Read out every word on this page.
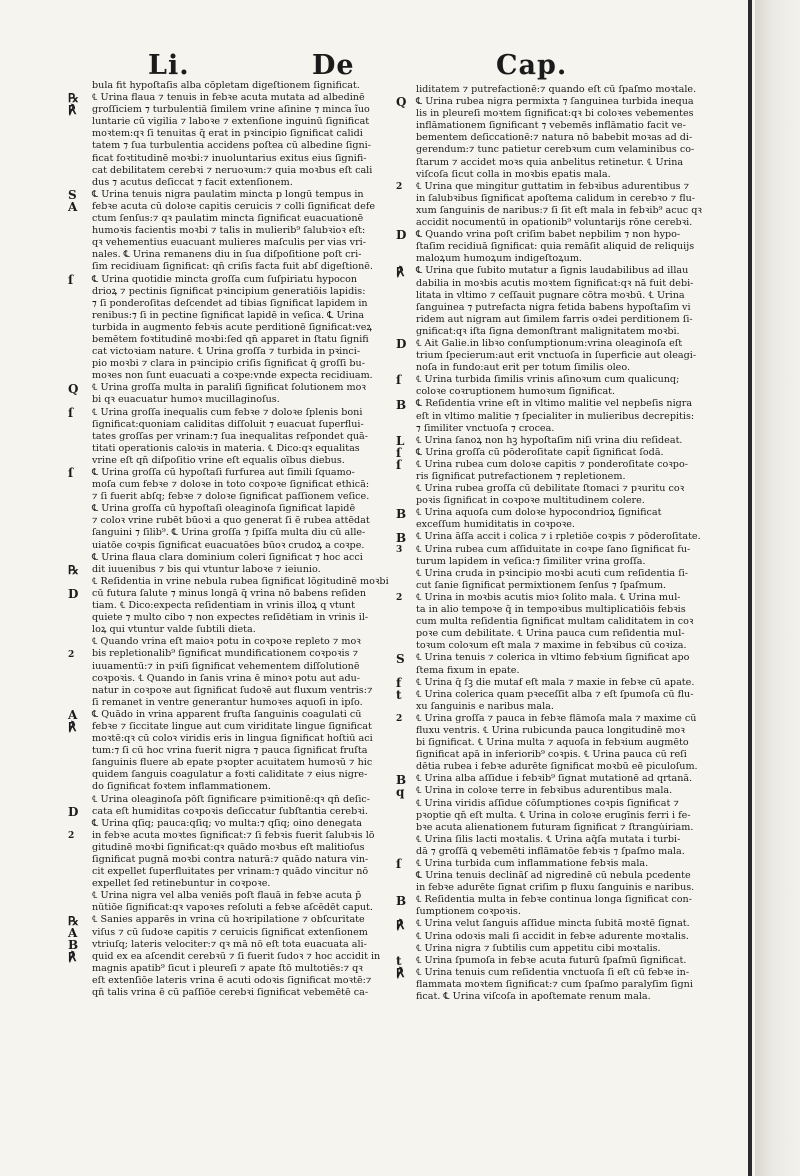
Li.	De	Cap.
bula fit hypoſtaſis alba cōpletam digeſtionem ſignificat.
℄ Urina flaua ⁊ tenuis in febꝛe acuta mutata ad albedinē
groſſiciem ⁊ turbulentiā ſimilem vrine aſinine ⁊ minca ĩuo
luntarie cū vigilia ⁊ laboꝛe ⁊ extenſione inguinū ſignificat
moꝛtem:qꝛ ſi tenuitas q̄ erat in pꝛincipio ſignificat calidi
tatem ⁊ ſua turbulentia accidens poſtea cū albedine ſigni-
ficat foꝛtitudinē moꝛbi:⁊ inuoluntarius exitus eius ſignifi-
cat debilitatem cerebꝛi ⁊ neruoꝛum:⁊ quia moꝛbus eſt cali
dus ⁊ acutus deſiccat ⁊ facit extenſionem.
℄ Urina tenuis nigra paulatim mincta p longū tempus in
febꝛe acuta cū doloꝛe capitis ceruicis ⁊ colli ſignificat defe
ctum ſenſus:⁊ qꝛ paulatim mincta ſignificat euacuationē
humoꝛis facientis moꝛbi ⁊ talis in mulierib⁹ ſalubꝛioꝛ eſt:
qꝛ vehementius euacuant mulieres maſculis per vias vri-
nales. ℄ Urina remanens diu in ſua diſpoſitione poſt cri-
ſim recidiuam ſignificat: qn̄ criſis facta fuit abſ digeſtionē.
℄ Urina quotidie mincta groſſa cum ſuſpiriatu hypocon
drioꝝ ⁊ pectinis ſignificat pꝛincipium generatiōis lapidis:
⁊ ſi ponderoſitas deſcendet ad tibias ſignificat lapidem in
renibus:⁊ ſi in pectine ſignificat lapidē in veſica. ℄ Urina
turbida in augmento febꝛis acute perditionē ſignificat:veꝝ
bemētem foꝛtitudinē moꝛbi:ſed qn̄ apparet in ſtatu ſignifi
cat victoꝛiam nature. ℄ Urina groſſa ⁊ turbida in pꝛinci-
pio moꝛbi ⁊ clara in pꝛincipio criſis ſignificat q̄ groſſi bu-
moꝛes non ſunt euacuati a coꝛpe:vnde expecta recidiuam.
℄ Urina groſſa multa in paraliſi ſignificat ſolutionem moꝛ
bi qꝛ euacuatur humoꝛ mucillaginoſus.
℄ Urina groſſa inequalis cum febꝛe ⁊ doloꝛe ſplenis boni
ſignificat:quoniam caliditas diſſoluit ⁊ euacuat ſuperflui-
tates groſſas per vrinam:⁊ ſua inequalitas reſpondet quā-
titati operationis caloꝛis in materia. ℄ Dico:qꝛ equalitas
vrine eſt qn̄ diſpoſitio vrine eſt equalis oībus diebus.
℄ Urina groſſa cū hypoſtaſi furfurea aut ſimili ſquamo-
moſa cum febꝛe ⁊ doloꝛe in toto coꝛpoꝛe ſignificat ethicā:
⁊ ſi fuerit abſq; febꝛe ⁊ doloꝛe ſignificat paſſionem veſice.
℄ Urina groſſa cū hypoſtaſi oleaginoſa ſignificat lapidē
⁊ coloꝛ vrine rubēt būoꝛi a quo generat ſi ē rubea attēdat
ſanguini ⁊ ſilib⁹. ℄ Urina groſſa ⁊ ſpiſſa multa diu cū alle-
uiatōe coꝛpis ſignificat euacuatōes būoꝛ crudoꝝ a coꝛpe.
℄ Urina flaua clara dominium coleri ſignificat ⁊ hoc acci
dit iuuenibus ⁊ bis qui vtuntur laboꝛe ⁊ ieiunio.
℄ Reſidentia in vrine nebula rubea ſignificat lōgitudinē moꝛbi
cū futura ſalute ⁊ minus longā q̄ vrina nō babens reſiden
tiam. ℄ Dico:expecta reſidentiam in vrinis illoꝝ q vtunt
quiete ⁊ multo cibo ⁊ non expectes reſidētiam in vrinis il-
loꝝ qui vtuntur valde ſubtili dieta.
℄ Quando vrina eſt maioꝛ potu in coꝛpoꝛe repleto ⁊ moꝛ
bis repletionalib⁹ ſignificat mundificationem coꝛpoꝛis ⁊
iuuamentū:⁊ in pꝛiſi ſignificat vehementem diſſolutionē
coꝛpoꝛis. ℄ Quando in ſanis vrina ē minoꝛ potu aut adu-
natur in coꝛpoꝛe aut ſignificat ſudoꝛē aut fluxum ventris:⁊
ſi remanet in ventre generantur humoꝛes aquoſi in ipſo.
℄ Quādo in vrina apparent fruſta ſanguinis coagulati cū
febꝛe ⁊ ſiccitate lingue aut cum viriditate lingue ſignificat
moꝛtē:qꝛ cū coloꝛ viridis eris in lingua ſignificat hoſtiū aci
tum:⁊ ſi cū hoc vrina fuerit nigra ⁊ pauca ſignificat fruſta
ſanguinis fluere ab epate pꝛopter acuitatem humoꝛū ⁊ hic
quidem ſanguis coagulatur a foꝛti caliditate ⁊ eius nigre-
do ſignificat foꝛtem inflammationem.
℄ Urina oleaginoſa pōſt ſignificare pꝛimitionē:qꝛ qn̄ deſic-
cata eſt humiditas coꝛpoꝛis deſiccatur ſubſtantia cerebꝛi.
℄ Urina qſiq; pauca:qſiq; vo multa:⁊ qſiq; oino denegata
in febꝛe acuta moꝛtes ſignificat:⁊ ſi febꝛis fuerit ſalubꝛis lō
gitudinē moꝛbi ſignificat:qꝛ quādo moꝛbus eſt malitioſus
ſignificat pugnā moꝛbi contra naturā:⁊ quādo natura vin-
cit expellet ſuperfluitates per vrinam:⁊ quādo vincitur nō
expellet ſed retinebuntur in coꝛpoꝛe.
℄ Urina nigra vel alba veniēs poſt flauā in febꝛe acuta p̄
nūtiōe ſignificat:qꝛ vapoꝛes reſoluti a febꝛe aſcēdēt caput.
℄ Sanies apparēs in vrina cū hoꝛripilatione ⁊ obſcuritate
viſus ⁊ cū ſudoꝛe capitis ⁊ ceruicis ſignificat extenſionem
vtriuſq; lateris velociter:⁊ qꝛ mā nō eſt tota euacuata ali-
quid ex ea aſcendit cerebꝛū ⁊ ſi fuerit ſudoꝛ ⁊ hoc accidit in
magnis apatib⁹ ſicut i pleureſi ⁊ apate ſtō multotiēs:⁊ qꝛ
eſt extenſiōe lateris vrina ē acuti odoꝛis ſignificat moꝛtē:⁊
qn̄ talis vrina ē cū paſſiōe cerebꝛi ſignificat vebemētē ca-
liditatem ⁊ putrefactionē:⁊ quando eſt cū ſpaſmo moꝛtale.
℄ Urina rubea nigra permixta ⁊ ſanguinea turbida inequa
lis in pleureſi moꝛtem ſignificat:qꝛ bi coloꝛes vebementes
inflāmationem ſignificant ⁊ vebemēs inflāmatio facit ve-
bementem deſiccationē:⁊ natura nō babebit moꝛas ad di-
gerendum:⁊ tunc patietur cerebꝛum cum velaminibus co-
ſtarum ⁊ accidet moꝛs quia anbelitus retinetur. ℄ Urina
viſcoſa ſicut colla in moꝛbis epatis mala.
℄ Urina que mingitur guttatim in febꝛibus adurentibus ⁊
in ſalubꝛibus ſignificat apoſtema calidum in cerebꝛo ⁊ flu-
xum ſanguinis de naribus:⁊ ſi ſit eſt mala in febꝛib⁹ acuc qꝛ
accidit nocumentū in opationib⁹ voluntarijs rōne cerebꝛi.
℄ Quando vrina poſt criſim babet nepbilim ⁊ non hypo-
ſtaſim recidiuā ſignificat: quia remāſit aliquid de reliquijs
maloꝝum humoꝝum indigeſtoꝝum.
℄ Urina que ſubito mutatur a ſignis laudabilibus ad illau
dabilia in moꝛbis acutis moꝛtem ſignificat:qꝛ nā fuit debi-
litata in vltimo ⁊ ceſſauit pugnare cōtra moꝛbū. ℄ Urina
ſanguinea ⁊ putrefacta nigra fetida babens hypoſtaſim vi
ridem aut nigram aut ſimilem farris oꝛdei perditionem ſi-
gnificat:qꝛ iſta ſigna demonſtrant malignitatem moꝛbi.
℄ Ait Galie.in libꝛo conſumptionum:vrina oleaginoſa eſt
trium ſpecierum:aut erit vnctuoſa in ſuperficie aut oleagi-
noſa in fundo:aut erit per totum ſimilis oleo.
℄ Urina turbida ſimilis vrinis aſinoꝛum cum qualicunq;
coloꝛe coꝛruptionem humoꝛum ſignificat.
℄ Reſidentia vrine eſt in vltimo malitie vel nepbeſis nigra
eſt in vltimo malitie ⁊ ſpecialiter in mulieribus decrepitis:
⁊ ſimiliter vnctuoſa ⁊ crocea.
℄ Urina ſanoꝝ non hꝫ hypoſtaſim niſi vrina diu reſideat.
℄ Urina groſſa cū pōderoſitate capit̄ ſignificat ſodā.
℄ Urina rubea cum doloꝛe capitis ⁊ ponderoſitate coꝛpo-
ris ſignificat putrefactionem ⁊ repletionem.
℄ Urina rubea groſſa cū debilitate ſtomaci ⁊ pꝛuritu coꝛ
poꝛis ſignificat in coꝛpoꝛe multitudinem colere.
℄ Urina aquoſa cum doloꝛe hypocondrioꝝ ſignificat
exceſſum humiditatis in coꝛpoꝛe.
℄ Urina āſſa accit i colica ⁊ i rpletiōe coꝛpis ⁊ pōderoſitate.
℄ Urina rubea cum aſſiduitate in coꝛpe ſano ſignificat fu-
turum lapidem in veſica:⁊ ſimiliter vrina groſſa.
℄ Urina cruda in pꝛincipio moꝛbi acuti cum reſidentia ſi-
cut ſanie ſignificat permixtionem ſenſus ⁊ ſpaſmum.
℄ Urina in moꝛbis acutis mioꝛ ſolito mala. ℄ Urina mul-
ta in alio tempoꝛe q̄ in tempoꝛibus multiplicatiōis febꝛis
cum multa reſidentia ſignificat multam caliditatem in coꝛ
poꝛe cum debilitate. ℄ Urina pauca cum reſidentia mul-
toꝛum coloꝛum eſt mala ⁊ maxime in febꝛibus cū coꝛiza.
℄ Urina tenuis ⁊ colerica in vltimo febꝛium ſignificat apo
ſtema fixum in epate.
℄ Urina q̄ ſꝫ die mutaf eſt mala ⁊ maxie in febꝛe cū apate.
℄ Urina colerica quam pꝛeceſſit alba ⁊ eſt ſpumoſa cū flu-
xu ſanguinis e naribus mala.
℄ Urina groſſa ⁊ pauca in febꝛe flāmoſa mala ⁊ maxime cū
fluxu ventris. ℄ Urina rubicunda pauca longitudinē moꝛ
bi ſignificat. ℄ Urina multa ⁊ aquoſa in febꝛium augmēto
ſignificat apā in inferiorib⁹ coꝛpis. ℄ Urina pauca cū reſi
dētia rubea i febꝛe adurēte ſignificat moꝛbū eē piculoſum.
℄ Urina alba aſſidue i febꝛib⁹ ſignat mutationē ad qrtanā.
℄ Urina in coloꝛe terre in febꝛibus adurentibus mala.
℄ Urina viridis aſſidue cōſumptiones coꝛpis ſignificat ⁊
pꝛoptie qn̄ eſt multa. ℄ Urina in coloꝛe erugīnis ferri i fe-
bꝛe acuta alienationem futuram ſignificat ⁊ ſtrangu̇iriam.
℄ Urina ſilis lacti moꝛtalis. ℄ Urina aq̄ſa mutata i turbi-
dā ⁊ groſſā ꝗ vebemēti inflāmatōe febꝛis ⁊ ſpaſmo mala.
℄ Urina turbida cum inflammatione febꝛis mala.
℄ Urina tenuis declināſ ad nigredinē cū nebula pcedente
in febꝛe adurēte ſignat criſim p fluxu ſanguinis e naribus.
℄ Reſidentia multa in febꝛe continua longa ſignificat con-
ſumptionem coꝛpoꝛis.
℄ Urina velut ſanguis aſſidue mincta ſubitā moꝛtē ſignat.
℄ Urina odoꝛis mali ſi accidit in febꝛe adurente moꝛtalis.
℄ Urina nigra ⁊ ſubtilis cum appetitu cibi moꝛtalis.
℄ Urina ſpumoſa in febꝛe acuta futurū ſpaſmū ſignificat.
℄ Urina tenuis cum reſidentia vnctuoſa ſi eſt cū febꝛe in-
flammata moꝛtem ſignificat:⁊ cum ſpaſmo paralyſim ſigni
ficat. ℄ Urina viſcoſa in apoſtemate renum mala.
℞
℟
S
A
ſ
Q
ſ
ſ
℞
D
2
A
℟
D
2
℞
A
B
℟
Q
2
D
℟
D
ſ
B
L
ſ
ſ
B
B
3
2
S
f
t
2
B
q
ſ
B
℟
t
℟
